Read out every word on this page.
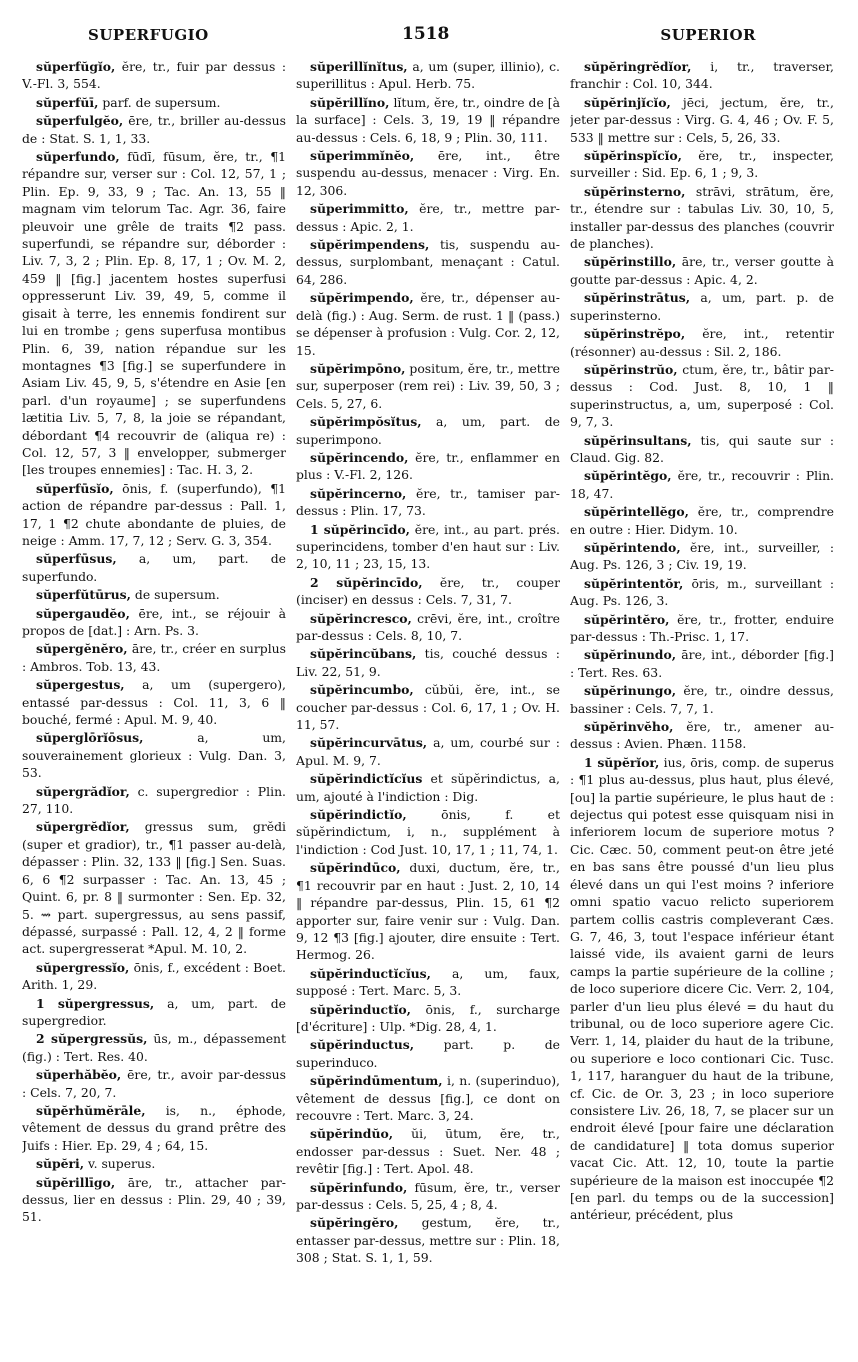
SUPERFUGIO	1518	SUPERIOR
sŭperfŭgĭo, ĕre, tr., fuir par dessus : V.-Fl. 3, 554.
sŭperfŭī, parf. de supersum.
sŭperfulgĕo, ēre, tr., briller au-dessus de : Stat. S. 1, 1, 33.
sŭperfundo, fūdī, fūsum, ĕre, tr., ¶1 répandre sur, verser sur : Col. 12, 57, 1 ; Plin. Ep. 9, 33, 9 ; Tac. An. 13, 55 ‖ magnam vim telorum Tac. Agr. 36, faire pleuvoir une grêle de traits ¶2 pass. superfundi, se répandre sur, déborder : Liv. 7, 3, 2 ; Plin. Ep. 8, 17, 1 ; Ov. M. 2, 459 ‖ [fig.] jacentem hostes superfusi oppresserunt Liv. 39, 49, 5, comme il gisait à terre, les ennemis fondirent sur lui en trombe ; gens superfusa montibus Plin. 6, 39, nation répandue sur les montagnes ¶3 [fig.] se superfundere in Asiam Liv. 45, 9, 5, s'étendre en Asie [en parl. d'un royaume] ; se superfundens lætitia Liv. 5, 7, 8, la joie se répandant, débordant ¶4 recouvrir de (aliqua re) : Col. 12, 57, 3 ‖ envelopper, submerger [les troupes ennemies] : Tac. H. 3, 2.
sŭperfūsĭo, ōnis, f. (superfundo), ¶1 action de répandre par-dessus : Pall. 1, 17, 1 ¶2 chute abondante de pluies, de neige : Amm. 17, 7, 12 ; Serv. G. 3, 354.
sŭperfūsus, a, um, part. de superfundo.
sŭperfŭtūrus, de supersum.
sŭpergaudĕo, ēre, int., se réjouir à propos de [dat.] : Arn. Ps. 3.
sŭpergĕnĕro, āre, tr., créer en surplus : Ambros. Tob. 13, 43.
sŭpergestus, a, um (supergero), entassé par-dessus : Col. 11, 3, 6 ‖ bouché, fermé : Apul. M. 9, 40.
sŭperglōrĭōsus,	a, um, souverainement glorieux : Vulg. Dan. 3, 53.
sŭpergrădĭor, c. supergredior : Plin. 27, 110.
sŭpergrĕdĭor, gressus sum, grĕdi (super et gradior), tr., ¶1 passer au-delà, dépasser : Plin. 32, 133 ‖ [fig.] Sen. Suas. 6, 6 ¶2 surpasser : Tac. An. 13, 45 ; Quint. 6, pr. 8 ‖ surmonter : Sen. Ep. 32, 5. ⇝ part. supergressus, au sens passif, dépassé, surpassé : Pall. 12, 4, 2 ‖ forme act. supergresserat *Apul. M. 10, 2.
sŭpergressĭo, ōnis, f., excédent : Boet. Arith. 1, 29.
1 sŭpergressus, a, um, part. de supergredior.
2 sŭpergressŭs, ūs, m., dépassement (fig.) : Tert. Res. 40.
sŭperhăbĕo, ēre, tr., avoir par-dessus : Cels. 7, 20, 7.
sŭpĕrhŭmĕrāle, is, n., éphode, vêtement de dessus du grand prêtre des Juifs : Hier. Ep. 29, 4 ; 64, 15.
sŭpĕri, v. superus.
sŭpĕrillīgo, āre, tr., attacher par-dessus, lier en dessus : Plin. 29, 40 ; 39, 51.
sŭperillĭnĭtus, a, um (super, illinio), c. superillitus : Apul. Herb. 75.
sŭpĕrillĭno, lĭtum, ĕre, tr., oindre de [à la surface] : Cels. 3, 19, 19 ‖ répandre au-dessus : Cels. 6, 18, 9 ; Plin. 30, 111.
sŭperimmĭnĕo, ēre, int., être suspendu au-dessus, menacer : Virg. En. 12, 306.
sŭperimmitto, ĕre, tr., mettre par-dessus : Apic. 2, 1.
sŭpĕrimpendens, tis, suspendu au-dessus, surplombant, menaçant : Catul. 64, 286.
sŭpĕrimpendo, ĕre, tr., dépenser au-delà (fig.) : Aug. Serm. de rust. 1 ‖ (pass.) se dépenser à profusion : Vulg. Cor. 2, 12, 15.
sŭpĕrimpōno, positum, ĕre, tr., mettre sur, superposer (rem rei) : Liv. 39, 50, 3 ; Cels. 5, 27, 6.
sŭpĕrimpŏsĭtus, a, um, part. de superimpono.
sŭpĕrincendo, ĕre, tr., enflammer en plus : V.-Fl. 2, 126.
sŭpĕrincerno, ĕre, tr., tamiser par-dessus : Plin. 17, 73.
1 sŭpĕrincīdo, ĕre, int., au part. prés. superincidens, tomber d'en haut sur : Liv. 2, 10, 11 ; 23, 15, 13.
2 sŭpĕrincīdo, ĕre, tr., couper (inciser) en dessus : Cels. 7, 31, 7.
sŭpĕrincresco, crēvi, ĕre, int., croître par-dessus : Cels. 8, 10, 7.
sŭpĕrincŭbans, tis, couché dessus : Liv. 22, 51, 9.
sŭpĕrincumbo, cŭbŭi, ĕre, int., se coucher par-dessus : Col. 6, 17, 1 ; Ov. H. 11, 57.
sŭpĕrincurvātus, a, um, courbé sur : Apul. M. 9, 7.
sŭpĕrindictĭcĭus et sŭpĕrindictus, a, um, ajouté à l'indiction : Dig.
sŭpĕrindictĭo,	ōnis, f. et sŭpĕrindictum, i, n., supplément à l'indiction : Cod Just. 10, 17, 1 ; 11, 74, 1.
sŭpĕrindūco, duxi, ductum, ĕre, tr., ¶1 recouvrir par en haut : Just. 2, 10, 14 ‖ répandre par-dessus, Plin. 15, 61 ¶2 apporter sur, faire venir sur : Vulg. Dan. 9, 12 ¶3 [fig.] ajouter, dire ensuite : Tert. Hermog. 26.
sŭpĕrinductĭcĭus, a, um, faux, supposé : Tert. Marc. 5, 3.
sŭpĕrinductĭo, ōnis, f., surcharge [d'écriture] : Ulp. *Dig. 28, 4, 1.
sŭpĕrinductus, part. p. de superinduco.
sŭpĕrindūmentum, i, n. (superinduo), vêtement de dessus [fig.], ce dont on recouvre : Tert. Marc. 3, 24.
sŭpĕrindŭo, ŭi, ūtum, ĕre, tr., endosser par-dessus : Suet. Ner. 48 ; revêtir [fig.] : Tert. Apol. 48.
sŭpĕrinfundo, fūsum, ĕre, tr., verser par-dessus : Cels. 5, 25, 4 ; 8, 4.
sŭpĕringĕro, gestum, ĕre, tr., entasser par-dessus, mettre sur : Plin. 18, 308 ; Stat. S. 1, 1, 59.
sŭpĕringrĕdĭor, i, tr., traverser, franchir : Col. 10, 344.
sŭpĕrinjĭcĭo, jēci, jectum, ĕre, tr., jeter par-dessus : Virg. G. 4, 46 ; Ov. F. 5, 533 ‖ mettre sur : Cels, 5, 26, 33.
sŭpĕrinspĭcĭo, ĕre, tr., inspecter, surveiller : Sid. Ep. 6, 1 ; 9, 3.
sŭpĕrinsterno, strāvi, strātum, ĕre, tr., étendre sur : tabulas Liv. 30, 10, 5, installer par-dessus des planches (couvrir de planches).
sŭpĕrinstillo, āre, tr., verser goutte à goutte par-dessus : Apic. 4, 2.
sŭpĕrinstrātus, a, um, part. p. de superinsterno.
sŭpĕrinstrĕpo, ĕre, int., retentir (résonner) au-dessus : Sil. 2, 186.
sŭpĕrinstrŭo, ctum, ĕre, tr., bâtir par-dessus : Cod. Just. 8, 10, 1 ‖ superinstructus, a, um, superposé : Col. 9, 7, 3.
sŭpĕrinsultans, tis, qui saute sur : Claud. Gig. 82.
sŭpĕrintĕgo, ĕre, tr., recouvrir : Plin. 18, 47.
sŭpĕrintellĕgo, ĕre, tr., comprendre en outre : Hier. Didym. 10.
sŭpĕrintendo, ĕre, int., surveiller, : Aug. Ps. 126, 3 ; Civ. 19, 19.
sŭpĕrintentŏr, ōris, m., surveillant : Aug. Ps. 126, 3.
sŭpĕrintĕro, ĕre, tr., frotter, enduire par-dessus : Th.-Prisc. 1, 17.
sŭpĕrinundo, āre, int., déborder [fig.] : Tert. Res. 63.
sŭpĕrinungo, ĕre, tr., oindre dessus, bassiner : Cels. 7, 7, 1.
sŭpĕrinvĕho, ĕre, tr., amener au-dessus : Avien. Phæn. 1158.
1 sŭpĕrĭor, ius, ōris, comp. de superus : ¶1 plus au-dessus, plus haut, plus élevé, [ou] la partie supérieure, le plus haut de : dejectus qui potest esse quisquam nisi in inferiorem locum de superiore motus ? Cic. Cæc. 50, comment peut-on être jeté en bas sans être poussé d'un lieu plus élevé dans un qui l'est moins ? inferiore omni spatio vacuo relicto superiorem partem collis castris compleverant Cæs. G. 7, 46, 3, tout l'espace inférieur étant laissé vide, ils avaient garni de leurs camps la partie supérieure de la colline ; de loco superiore dicere Cic. Verr. 2, 104, parler d'un lieu plus élevé = du haut du tribunal, ou de loco superiore agere Cic. Verr. 1, 14, plaider du haut de la tribune, ou superiore e loco contionari Cic. Tusc. 1, 117, haranguer du haut de la tribune, cf. Cic. de Or. 3, 23 ; in loco superiore consistere Liv. 26, 18, 7, se placer sur un endroit élevé [pour faire une déclaration de candidature] ‖ tota domus superior vacat Cic. Att. 12, 10, toute la partie supérieure de la maison est inoccupée ¶2 [en parl. du temps ou de la succession] antérieur, précédent, plus
